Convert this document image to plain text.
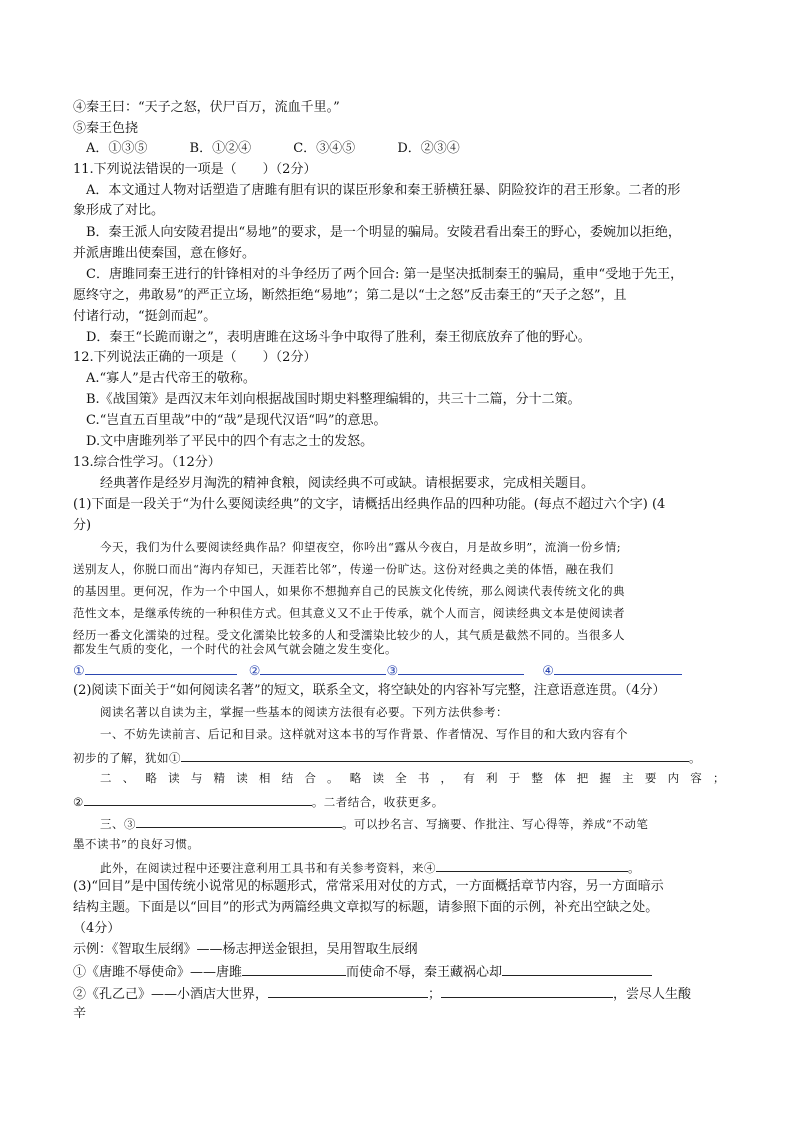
④秦王曰：“天子之怒，伏尸百万，流血千里。”
⑤秦王色挠
A．①③⑤	B．①②④	C．③④⑤	D．②③④
11.下列说法错误的一项是（　　）（2分）
A．本文通过人物对话塑造了唐雎有胆有识的谋臣形象和秦王骄横狂暴、阴险狡诈的君王形象。二者的形
象形成了对比。
B．秦王派人向安陵君提出“易地”的要求，是一个明显的骗局。安陵君看出秦王的野心，委婉加以拒绝，
并派唐雎出使秦国，意在修好。
C．唐雎同秦王进行的针锋相对的斗争经历了两个回合: 第一是坚决抵制秦王的骗局，重申“受地于先王，
愿终守之，弗敢易”的严正立场，断然拒绝“易地”；第二是以“士之怒”反击秦王的“天子之怒”，且
付诸行动，“挺剑而起”。
D．秦王“长跪而谢之”，表明唐雎在这场斗争中取得了胜利，秦王彻底放弃了他的野心。
12.下列说法正确的一项是（　　）（2分）
A.“寡人”是古代帝王的敬称。
B.《战国策》是西汉末年刘向根据战国时期史料整理编辑的，共三十二篇，分十二策。
C.“岂直五百里哉”中的“哉”是现代汉语“吗”的意思。
D.文中唐雎列举了平民中的四个有志之士的发怒。
13.综合性学习。（12分）
经典著作是经岁月淘洗的精神食粮，阅读经典不可或缺。请根据要求，完成相关题目。
(1)下面是一段关于“为什么要阅读经典”的文字，请概括出经典作品的四种功能。(每点不超过六个字) (4
分)
今天，我们为什么要阅读经典作品？仰望夜空，你吟出“露从今夜白，月是故乡明”，流淌一份乡情;
送别友人，你脱口而出“海内存知已，天涯若比邻”，传递一份旷达。这份对经典之美的体悟，融在我们
的基因里。更何况，作为一个中国人，如果你不想抛弃自己的民族文化传统，那么阅读代表传统文化的典
范性文本，是继承传统的一种积佳方式。但其意义又不止于传承，就个人而言，阅读经典文本是使阅读者
经历一番文化濡染的过程。受文化濡染比较多的人和受濡染比较少的人，其气质是截然不同的。当很多人
都发生气质的变化，一个时代的社会风气就会随之发生变化。
①	②	③	④
(2)阅读下面关于“如何阅读名著”的短文，联系全文，将空缺处的内容补写完整，注意语意连贯。（4分）
阅读名著以自读为主，掌握一些基本的阅读方法很有必要。下列方法供参考：
一、不妨先读前言、后记和目录。这样就对这本书的写作背景、作者情况、写作目的和大致内容有个
初步的了解，犹如①	。
二 、 略 读 与 精 读 相 结 合 。 略 读 全 书 ， 有 利 于 整 体 把 握 主 要 内 容 ；
②	。二者结合，收获更多。
三、③	。可以抄名言、写摘要、作批注、写心得等，养成“不动笔
墨不读书”的良好习惯。
此外，在阅读过程中还要注意利用工具书和有关参考资料，来④	。
(3)“回目”是中国传统小说常见的标题形式，常常采用对仗的方式，一方面概括章节内容，另一方面暗示
结构主题。下面是以“回目”的形式为两篇经典文章拟写的标题，请参照下面的示例，补充出空缺之处。
（4分）
示例：《智取生辰纲》——杨志押送金银担，吴用智取生辰纲
①《唐雎不辱使命》——唐雎	而使命不辱，秦王藏祸心却
②《孔乙己》——小酒店大世界，	；	，尝尽人生酸
辛
